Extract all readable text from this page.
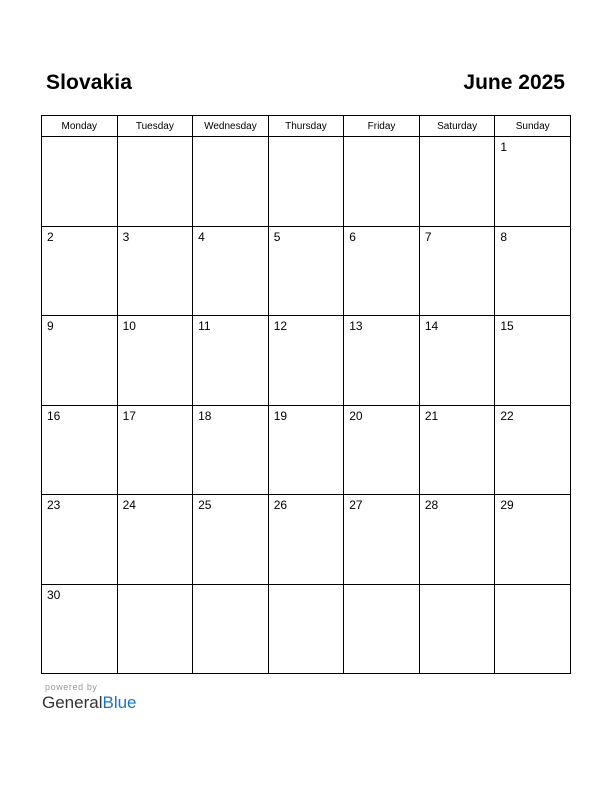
Slovakia	June 2025
Monday	Tuesday	Wednesday	Thursday	Friday	Saturday	Sunday

						1

2	3	4	5	6	7	8

9	10	11	12	13	14	15

16	17	18	19	20	21	22

23	24	25	26	27	28	29

30						

powered by
GeneralBlue
